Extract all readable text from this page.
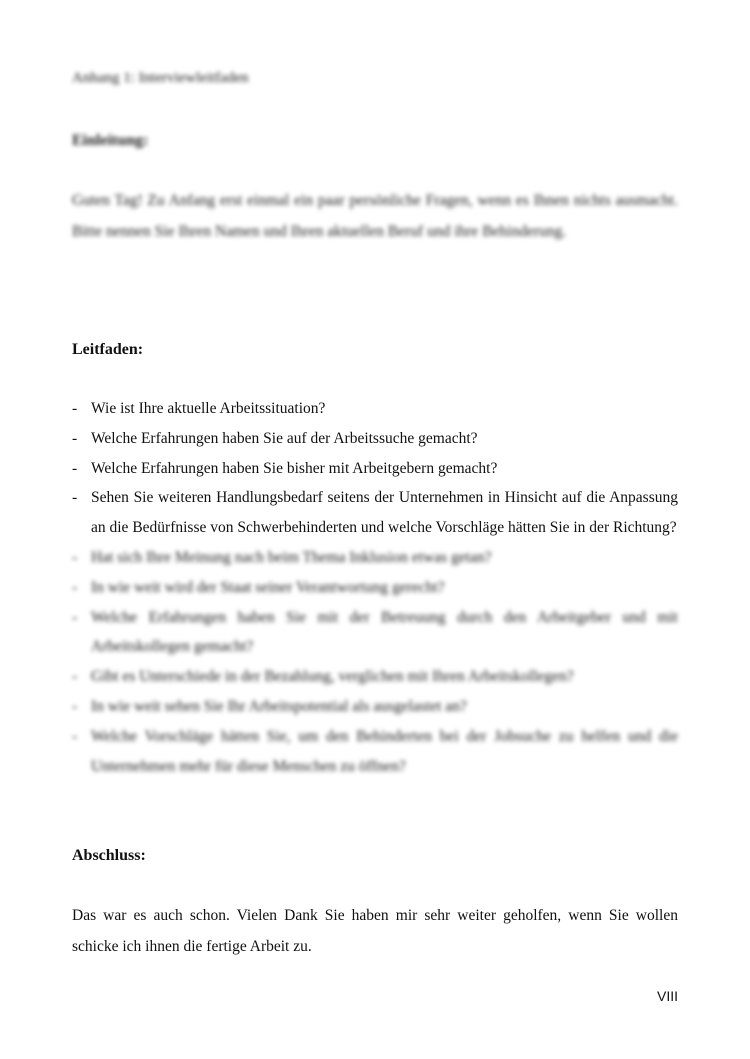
Anhang 1: Interviewleitfaden
Einleitung:
Guten Tag! Zu Anfang erst einmal ein paar persönliche Fragen, wenn es Ihnen nichts ausmacht. Bitte nennen Sie Ihren Namen und Ihren aktuellen Beruf und ihre Behinderung.
Leitfaden:
- Wie ist Ihre aktuelle Arbeitssituation?
- Welche Erfahrungen haben Sie auf der Arbeitssuche gemacht?
- Welche Erfahrungen haben Sie bisher mit Arbeitgebern gemacht?
- Sehen Sie weiteren Handlungsbedarf seitens der Unternehmen in Hinsicht auf die Anpassung an die Bedürfnisse von Schwerbehinderten und welche Vorschläge hätten Sie in der Richtung?
- Hat sich Ihre Meinung nach beim Thema Inklusion etwas getan?
- In wie weit wird der Staat seiner Verantwortung gerecht?
- Welche Erfahrungen haben Sie mit der Betreuung durch den Arbeitgeber und mit Arbeitskollegen gemacht?
- Gibt es Unterschiede in der Bezahlung, verglichen mit Ihren Arbeitskollegen?
- In wie weit sehen Sie Ihr Arbeitspotential als ausgelastet an?
- Welche Vorschläge hätten Sie, um den Behinderten bei der Jobsuche zu helfen und die Unternehmen mehr für diese Menschen zu öffnen?
Abschluss:
Das war es auch schon. Vielen Dank Sie haben mir sehr weiter geholfen, wenn Sie wollen schicke ich ihnen die fertige Arbeit zu.
VIII
